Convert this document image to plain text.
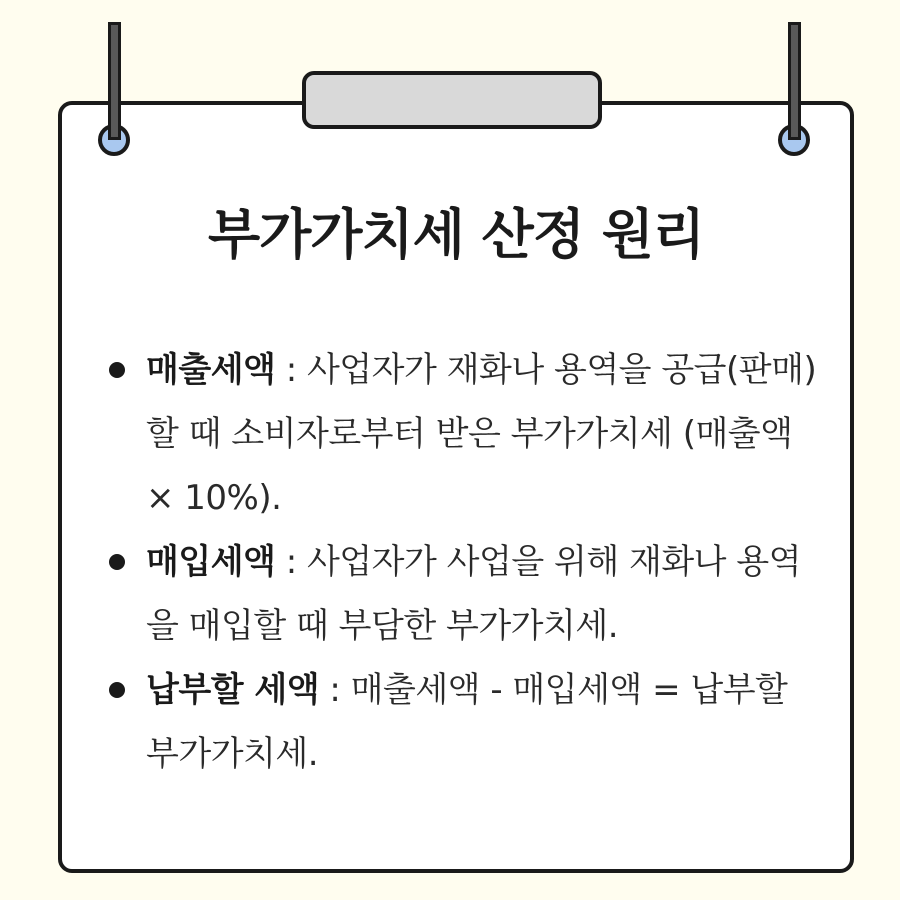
부가가치세 산정 원리
매출세액 : 사업자가 재화나 용역을 공급(판매)할 때 소비자로부터 받은 부가가치세 (매출액 × 10%).
매입세액 : 사업자가 사업을 위해 재화나 용역을 매입할 때 부담한 부가가치세.
납부할 세액 : 매출세액 - 매입세액 = 납부할 부가가치세.
